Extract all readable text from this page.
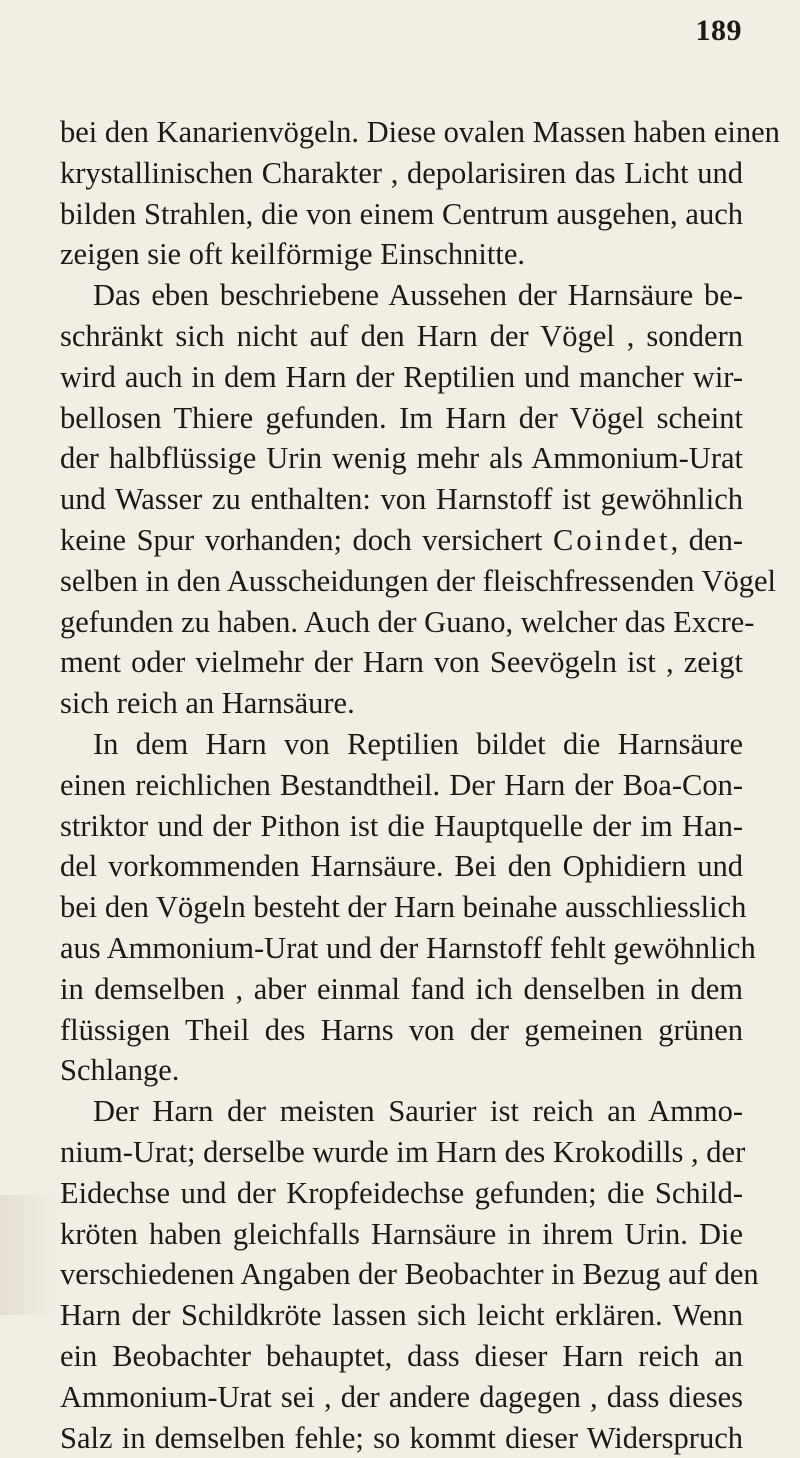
189
bei den Kanarienvögeln. Diese ovalen Massen haben einen
krystallinischen Charakter , depolarisiren das Licht und
bilden Strahlen, die von einem Centrum ausgehen, auch
zeigen sie oft keilförmige Einschnitte.
Das eben beschriebene Aussehen der Harnsäure be-
schränkt sich nicht auf den Harn der Vögel , sondern
wird auch in dem Harn der Reptilien und mancher wir-
bellosen Thiere gefunden. Im Harn der Vögel scheint
der halbflüssige Urin wenig mehr als Ammonium-Urat
und Wasser zu enthalten: von Harnstoff ist gewöhnlich
keine Spur vorhanden; doch versichert Coindet, den-
selben in den Ausscheidungen der fleischfressenden Vögel
gefunden zu haben. Auch der Guano, welcher das Excre-
ment oder vielmehr der Harn von Seevögeln ist , zeigt
sich reich an Harnsäure.
In dem Harn von Reptilien bildet die Harnsäure
einen reichlichen Bestandtheil. Der Harn der Boa-Con-
striktor und der Pithon ist die Hauptquelle der im Han-
del vorkommenden Harnsäure. Bei den Ophidiern und
bei den Vögeln besteht der Harn beinahe ausschliesslich
aus Ammonium-Urat und der Harnstoff fehlt gewöhnlich
in demselben , aber einmal fand ich denselben in dem
flüssigen Theil des Harns von der gemeinen grünen
Schlange.
Der Harn der meisten Saurier ist reich an Ammo-
nium-Urat; derselbe wurde im Harn des Krokodills , der
Eidechse und der Kropfeidechse gefunden; die Schild-
kröten haben gleichfalls Harnsäure in ihrem Urin. Die
verschiedenen Angaben der Beobachter in Bezug auf den
Harn der Schildkröte lassen sich leicht erklären. Wenn
ein Beobachter behauptet, dass dieser Harn reich an
Ammonium-Urat sei , der andere dagegen , dass dieses
Salz in demselben fehle; so kommt dieser Widerspruch
